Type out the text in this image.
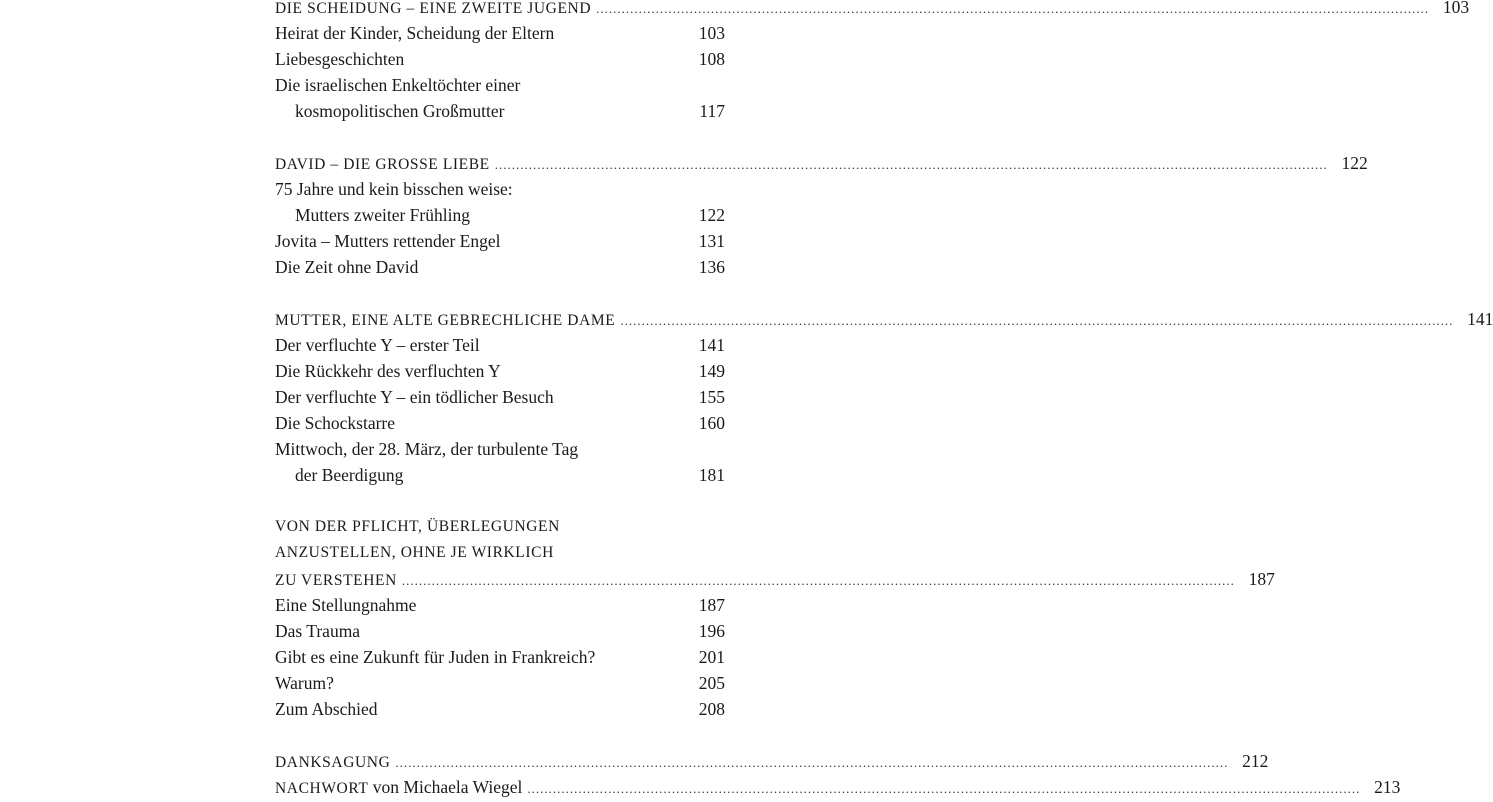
DIE SCHEIDUNG – EINE ZWEITE JUGEND .....	103
Heirat der Kinder, Scheidung der Eltern	103
Liebesgeschichten	108
Die israelischen Enkeltöchter einer
kosmopolitischen Großmutter	117
DAVID – DIE GROSSE LIEBE .....	122
75 Jahre und kein bisschen weise:
Mutters zweiter Frühling	122
Jovita – Mutters rettender Engel	131
Die Zeit ohne David	136
MUTTER, EINE ALTE GEBRECHLICHE DAME .....	141
Der verfluchte Y – erster Teil	141
Die Rückkehr des verfluchten Y	149
Der verfluchte Y – ein tödlicher Besuch	155
Die Schockstarre	160
Mittwoch, der 28. März, der turbulente Tag
der Beerdigung	181
VON DER PFLICHT, ÜBERLEGUNGEN
ANZUSTELLEN, OHNE JE WIRKLICH
ZU VERSTEHEN .....	187
Eine Stellungnahme	187
Das Trauma	196
Gibt es eine Zukunft für Juden in Frankreich?	201
Warum?	205
Zum Abschied	208
DANKSAGUNG .....	212
NACHWORT von Michaela Wiegel .....	213
